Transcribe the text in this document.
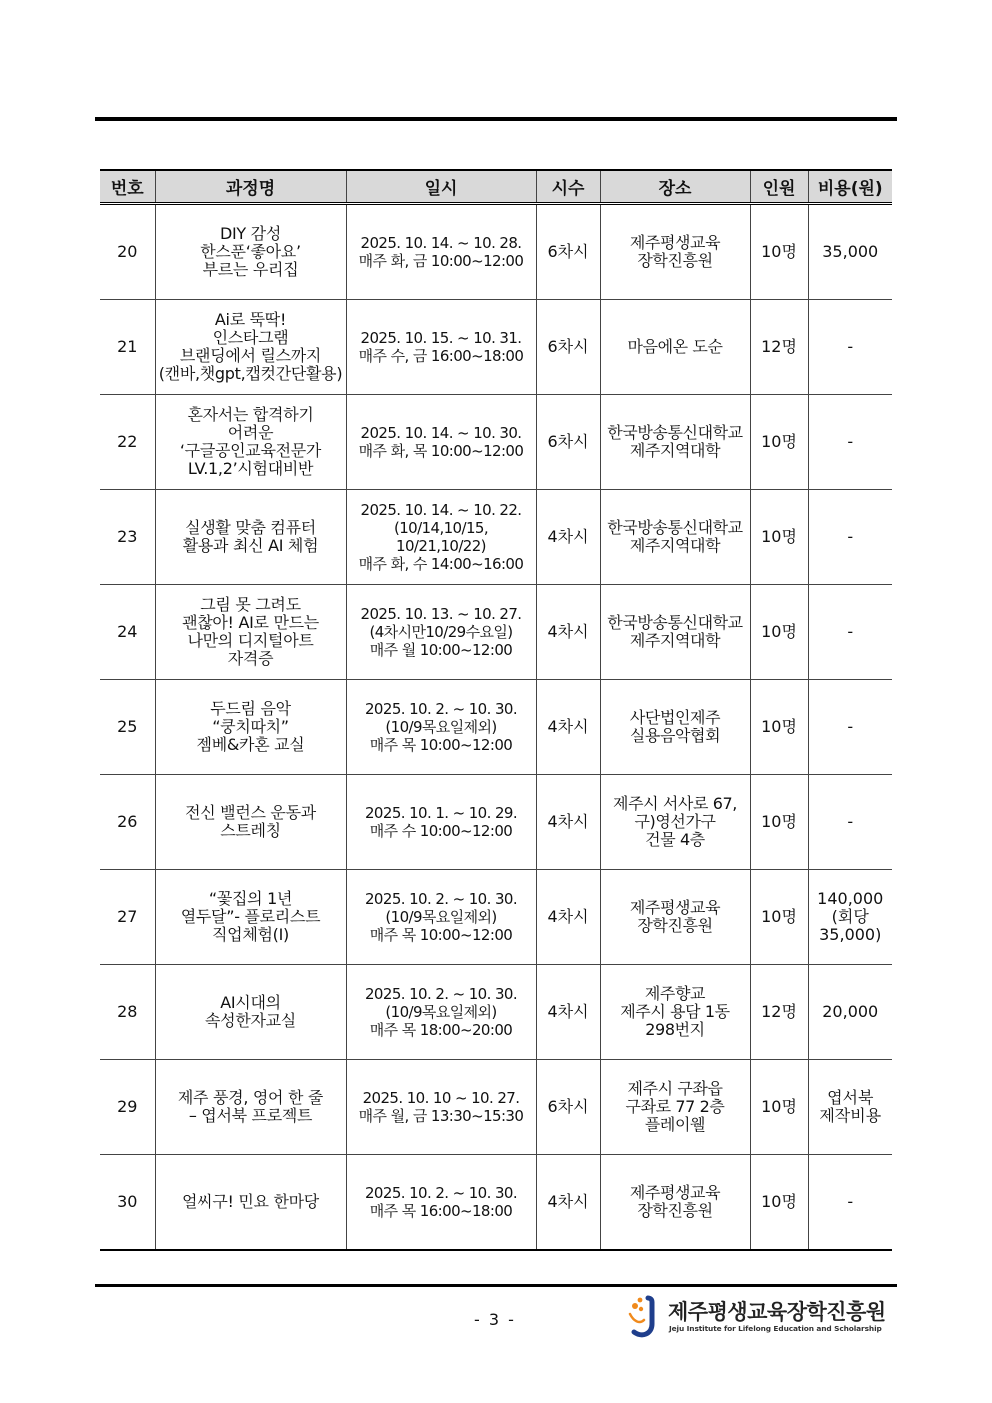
번호	과정명	일시	시수	장소	인원	비용(원)
20	DIY 감성
한스푼‘좋아요’
부르는 우리집	2025. 10. 14. ~ 10. 28.
매주 화, 금 10:00~12:00	6차시	제주평생교육
장학진흥원	10명	35,000

21	Ai로 뚝딱!
인스타그램
브랜딩에서 릴스까지
(캔바,챗gpt,캡컷간단활용)	2025. 10. 15. ~ 10. 31.
매주 수, 금 16:00~18:00	6차시	마음에온 도순	12명	-

22	혼자서는 합격하기
어려운
‘구글공인교육전문가
LV.1,2’시험대비반	2025. 10. 14. ~ 10. 30.
매주 화, 목 10:00~12:00	6차시	한국방송통신대학교
제주지역대학	10명	-

23	실생활 맞춤 컴퓨터
활용과 최신 AI 체험	2025. 10. 14. ~ 10. 22.
(10/14,10/15,
10/21,10/22)
매주 화, 수 14:00~16:00	4차시	한국방송통신대학교
제주지역대학	10명	-

24	그림 못 그려도
괜찮아! AI로 만드는
나만의 디지털아트
자격증	2025. 10. 13. ~ 10. 27.
(4차시만10/29수요일)
매주 월 10:00~12:00	4차시	한국방송통신대학교
제주지역대학	10명	-

25	두드림 음악
“쿵치따치”
젬베&카혼 교실	2025. 10. 2. ~ 10. 30.
(10/9목요일제외)
매주 목 10:00~12:00	4차시	사단법인제주
실용음악협회	10명	-

26	전신 밸런스 운동과
스트레칭	2025. 10. 1. ~ 10. 29.
매주 수 10:00~12:00	4차시	제주시 서사로 67,
구)영선가구
건물 4층	10명	-

27	“꽃집의 1년
열두달”- 플로리스트
직업체험(Ⅰ)	2025. 10. 2. ~ 10. 30.
(10/9목요일제외)
매주 목 10:00~12:00	4차시	제주평생교육
장학진흥원	10명	140,000
(회당
35,000)

28	AI시대의
속성한자교실	2025. 10. 2. ~ 10. 30.
(10/9목요일제외)
매주 목 18:00~20:00	4차시	제주향교
제주시 용담 1동
298번지	12명	20,000

29	제주 풍경, 영어 한 줄
– 엽서북 프로젝트	2025. 10. 10 ~ 10. 27.
매주 월, 금 13:30~15:30	6차시	제주시 구좌읍
구좌로 77 2층
플레이웰	10명	엽서북
제작비용

30	얼씨구! 민요 한마당	2025. 10. 2. ~ 10. 30.
매주 목 16:00~18:00	4차시	제주평생교육
장학진흥원	10명	-
- 3 -	제주평생교육장학진흥원
Jeju Institute for Lifelong Education and Scholarship
